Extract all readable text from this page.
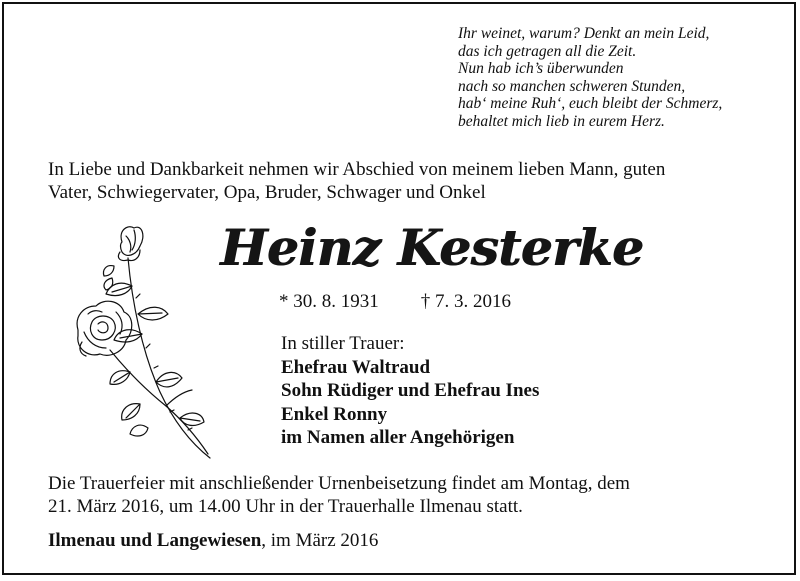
Ihr weinet, warum? Denkt an mein Leid,
das ich getragen all die Zeit.
Nun hab ich’s überwunden
nach so manchen schweren Stunden,
hab‘ meine Ruh‘, euch bleibt der Schmerz,
behaltet mich lieb in eurem Herz.
In Liebe und Dankbarkeit nehmen wir Abschied von meinem lieben Mann, guten
Vater, Schwiegervater, Opa, Bruder, Schwager und Onkel
Heinz Kesterke
* 30. 8. 1931 † 7. 3. 2016
In stiller Trauer:
Ehefrau Waltraud
Sohn Rüdiger und Ehefrau Ines
Enkel Ronny
im Namen aller Angehörigen
Die Trauerfeier mit anschließender Urnenbeisetzung findet am Montag, dem
21. März 2016, um 14.00 Uhr in der Trauerhalle Ilmenau statt.
Ilmenau und Langewiesen, im März 2016
